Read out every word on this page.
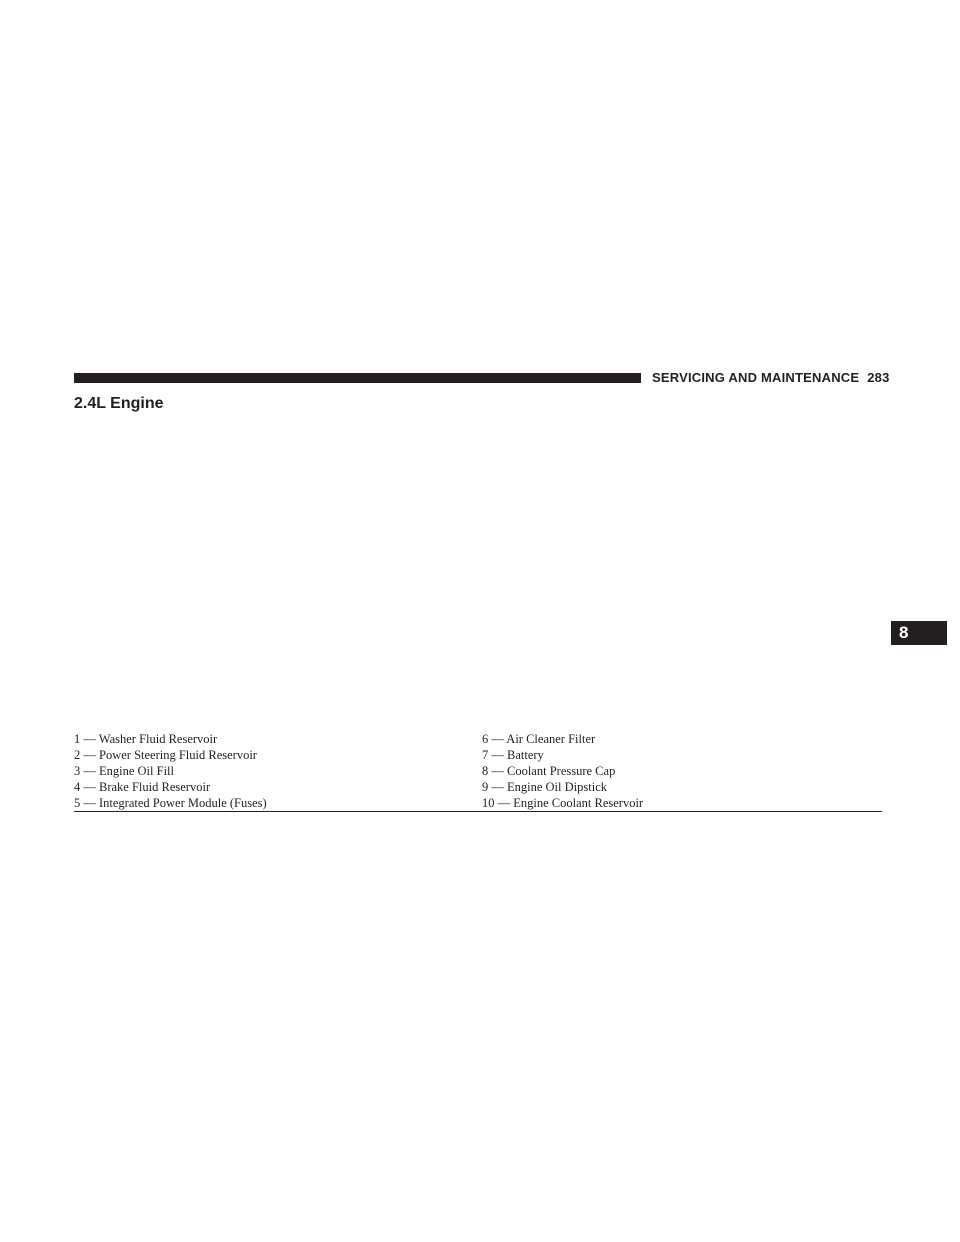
SERVICING AND MAINTENANCE 283
2.4L Engine
8
1 — Washer Fluid Reservoir
2 — Power Steering Fluid Reservoir
3 — Engine Oil Fill
4 — Brake Fluid Reservoir
5 — Integrated Power Module (Fuses)
6 — Air Cleaner Filter
7 — Battery
8 — Coolant Pressure Cap
9 — Engine Oil Dipstick
10 — Engine Coolant Reservoir
